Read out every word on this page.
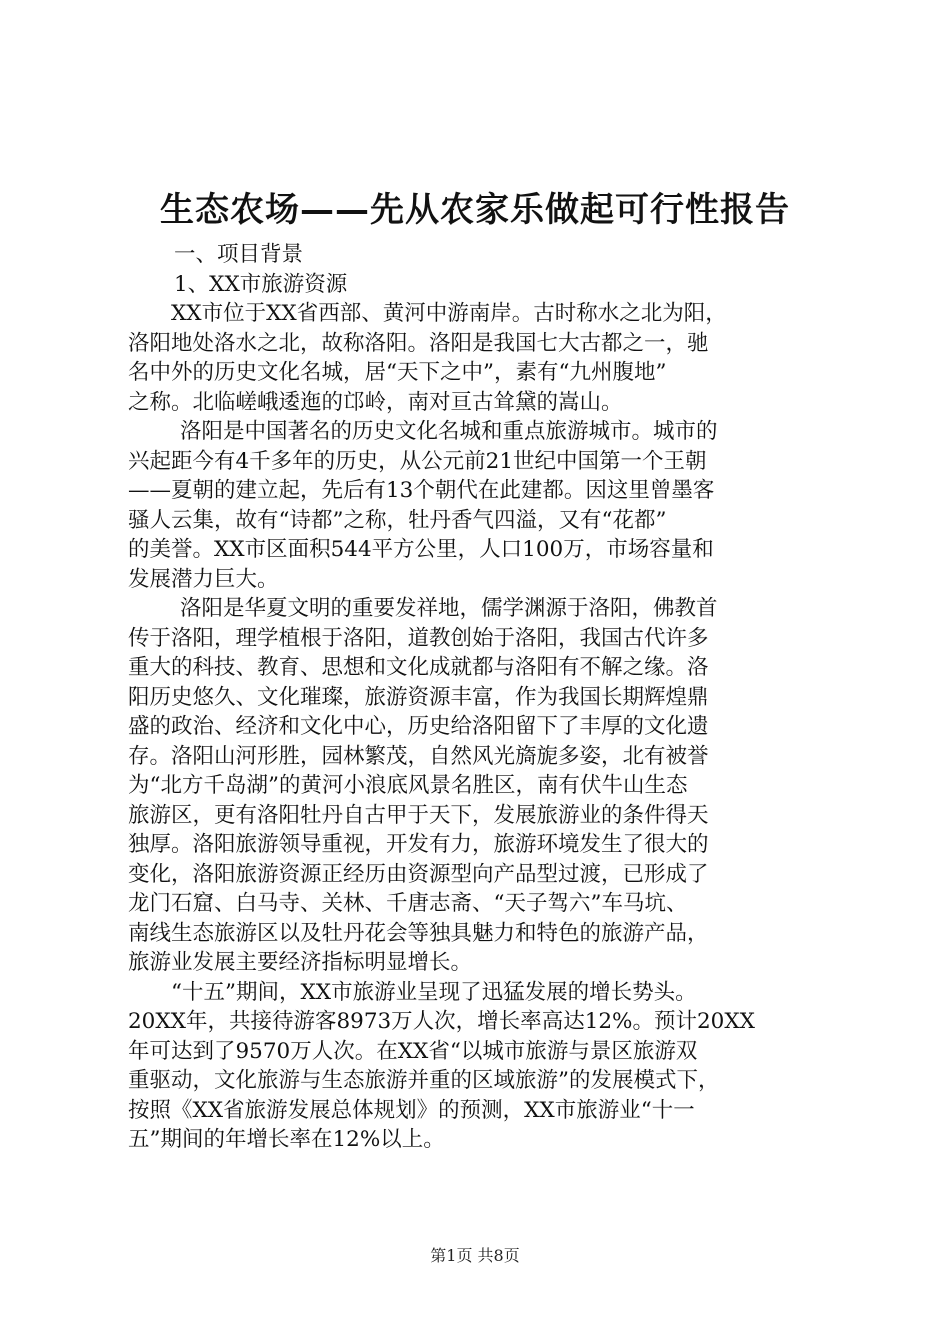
生态农场——先从农家乐做起可行性报告
一、项目背景
1、XX市旅游资源
XX市位于XX省西部、黄河中游南岸。古时称水之北为阳，
洛阳地处洛水之北，故称洛阳。洛阳是我国七大古都之一，驰
名中外的历史文化名城，居“天下之中”，素有“九州腹地”
之称。北临嵯峨逶迤的邙岭，南对亘古耸黛的嵩山。
洛阳是中国著名的历史文化名城和重点旅游城市。城市的
兴起距今有4千多年的历史，从公元前21世纪中国第一个王朝
——夏朝的建立起，先后有13个朝代在此建都。因这里曾墨客
骚人云集，故有“诗都”之称，牡丹香气四溢，又有“花都”
的美誉。XX市区面积544平方公里，人口100万，市场容量和
发展潜力巨大。
洛阳是华夏文明的重要发祥地，儒学渊源于洛阳，佛教首
传于洛阳，理学植根于洛阳，道教创始于洛阳，我国古代许多
重大的科技、教育、思想和文化成就都与洛阳有不解之缘。洛
阳历史悠久、文化璀璨，旅游资源丰富，作为我国长期辉煌鼎
盛的政治、经济和文化中心，历史给洛阳留下了丰厚的文化遗
存。洛阳山河形胜，园林繁茂，自然风光旖旎多姿，北有被誉
为“北方千岛湖”的黄河小浪底风景名胜区，南有伏牛山生态
旅游区，更有洛阳牡丹自古甲于天下，发展旅游业的条件得天
独厚。洛阳旅游领导重视，开发有力，旅游环境发生了很大的
变化，洛阳旅游资源正经历由资源型向产品型过渡，已形成了
龙门石窟、白马寺、关林、千唐志斋、“天子驾六”车马坑、
南线生态旅游区以及牡丹花会等独具魅力和特色的旅游产品，
旅游业发展主要经济指标明显增长。
“十五”期间，XX市旅游业呈现了迅猛发展的增长势头。
20XX年，共接待游客8973万人次，增长率高达12%。预计20XX
年可达到了9570万人次。在XX省“以城市旅游与景区旅游双
重驱动，文化旅游与生态旅游并重的区域旅游”的发展模式下，
按照《XX省旅游发展总体规划》的预测，XX市旅游业“十一
五”期间的年增长率在12%以上。
第1页 共8页
